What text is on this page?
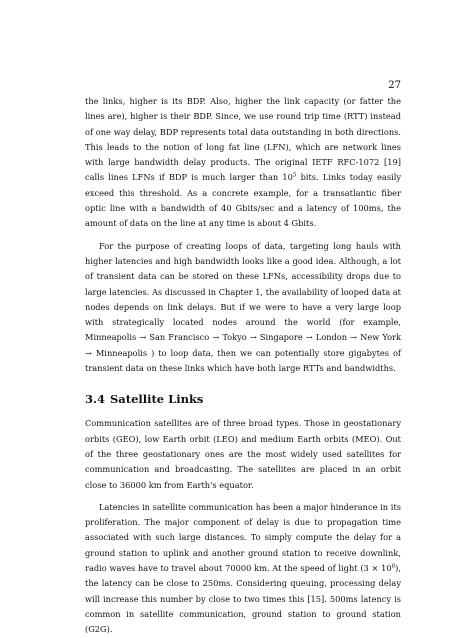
27

the links, higher is its BDP. Also, higher the link capacity (or fatter the lines are), higher is their BDP. Since, we use round trip time (RTT) instead of one way delay, BDP represents total data outstanding in both directions. This leads to the notion of long fat line (LFN), which are network lines with large bandwidth delay products. The original IETF RFC-1072 [19] calls lines LFNs if BDP is much larger than $10^5$ bits. Links today easily exceed this threshold. As a concrete example, for a transatlantic fiber optic line with a bandwidth of 40 Gbits/sec and a latency of 100ms, the amount of data on the line at any time is about 4 Gbits.

For the purpose of creating loops of data, targeting long hauls with higher latencies and high bandwidth looks like a good idea. Although, a lot of transient data can be stored on these LFNs, accessibility drops due to large latencies. As discussed in Chapter 1, the availability of looped data at nodes depends on link delays. But if we were to have a very large loop with strategically located nodes around the world (for example, Minneapolis → San Francisco → Tokyo → Singapore → London → New York → Minneapolis ) to loop data, then we can potentially store gigabytes of transient data on these links which have both large RTTs and bandwidths.

3.4 Satellite Links

Communication satellites are of three broad types. Those in geostationary orbits (GEO), low Earth orbit (LEO) and medium Earth orbits (MEO). Out of the three geostationary ones are the most widely used satellites for communication and broadcasting. The satellites are placed in an orbit close to 36000 km from Earth's equator.

Latencies in satellite communication has been a major hinderance in its proliferation. The major component of delay is due to propagation time associated with such large distances. To simply compute the delay for a ground station to uplink and another ground station to receive downlink, radio waves have to travel about 70000 km. At the speed of light $(3 \times 10^8)$, the latency can be close to 250ms. Considering queuing, processing delay will increase this number by close to two times this [15]. 500ms latency is common in satellite communication, ground station to ground station (G2G).
